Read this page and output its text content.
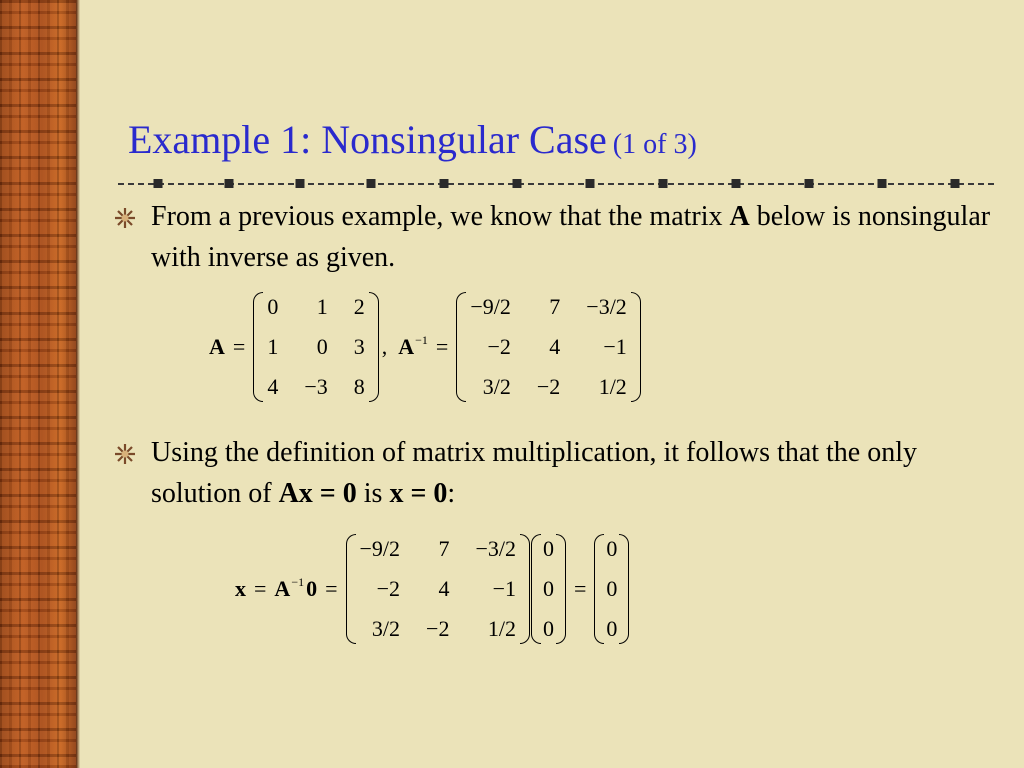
Example 1: Nonsingular Case (1 of 3)
From a previous example, we know that the matrix A below is nonsingular with inverse as given.
A =
0	1 2
1	0 3
4 −3 8
, A −1 =
−9/2	7 −3/2
−2	4	−1
3/2 −2	1/2
Using the definition of matrix multiplication, it follows that the only solution of Ax = 0 is x = 0:
x = A −1 0 =
−9/2	7 −3/2
−2	4	−1
3/2 −2	1/2
0
0
0
=
0
0
0
